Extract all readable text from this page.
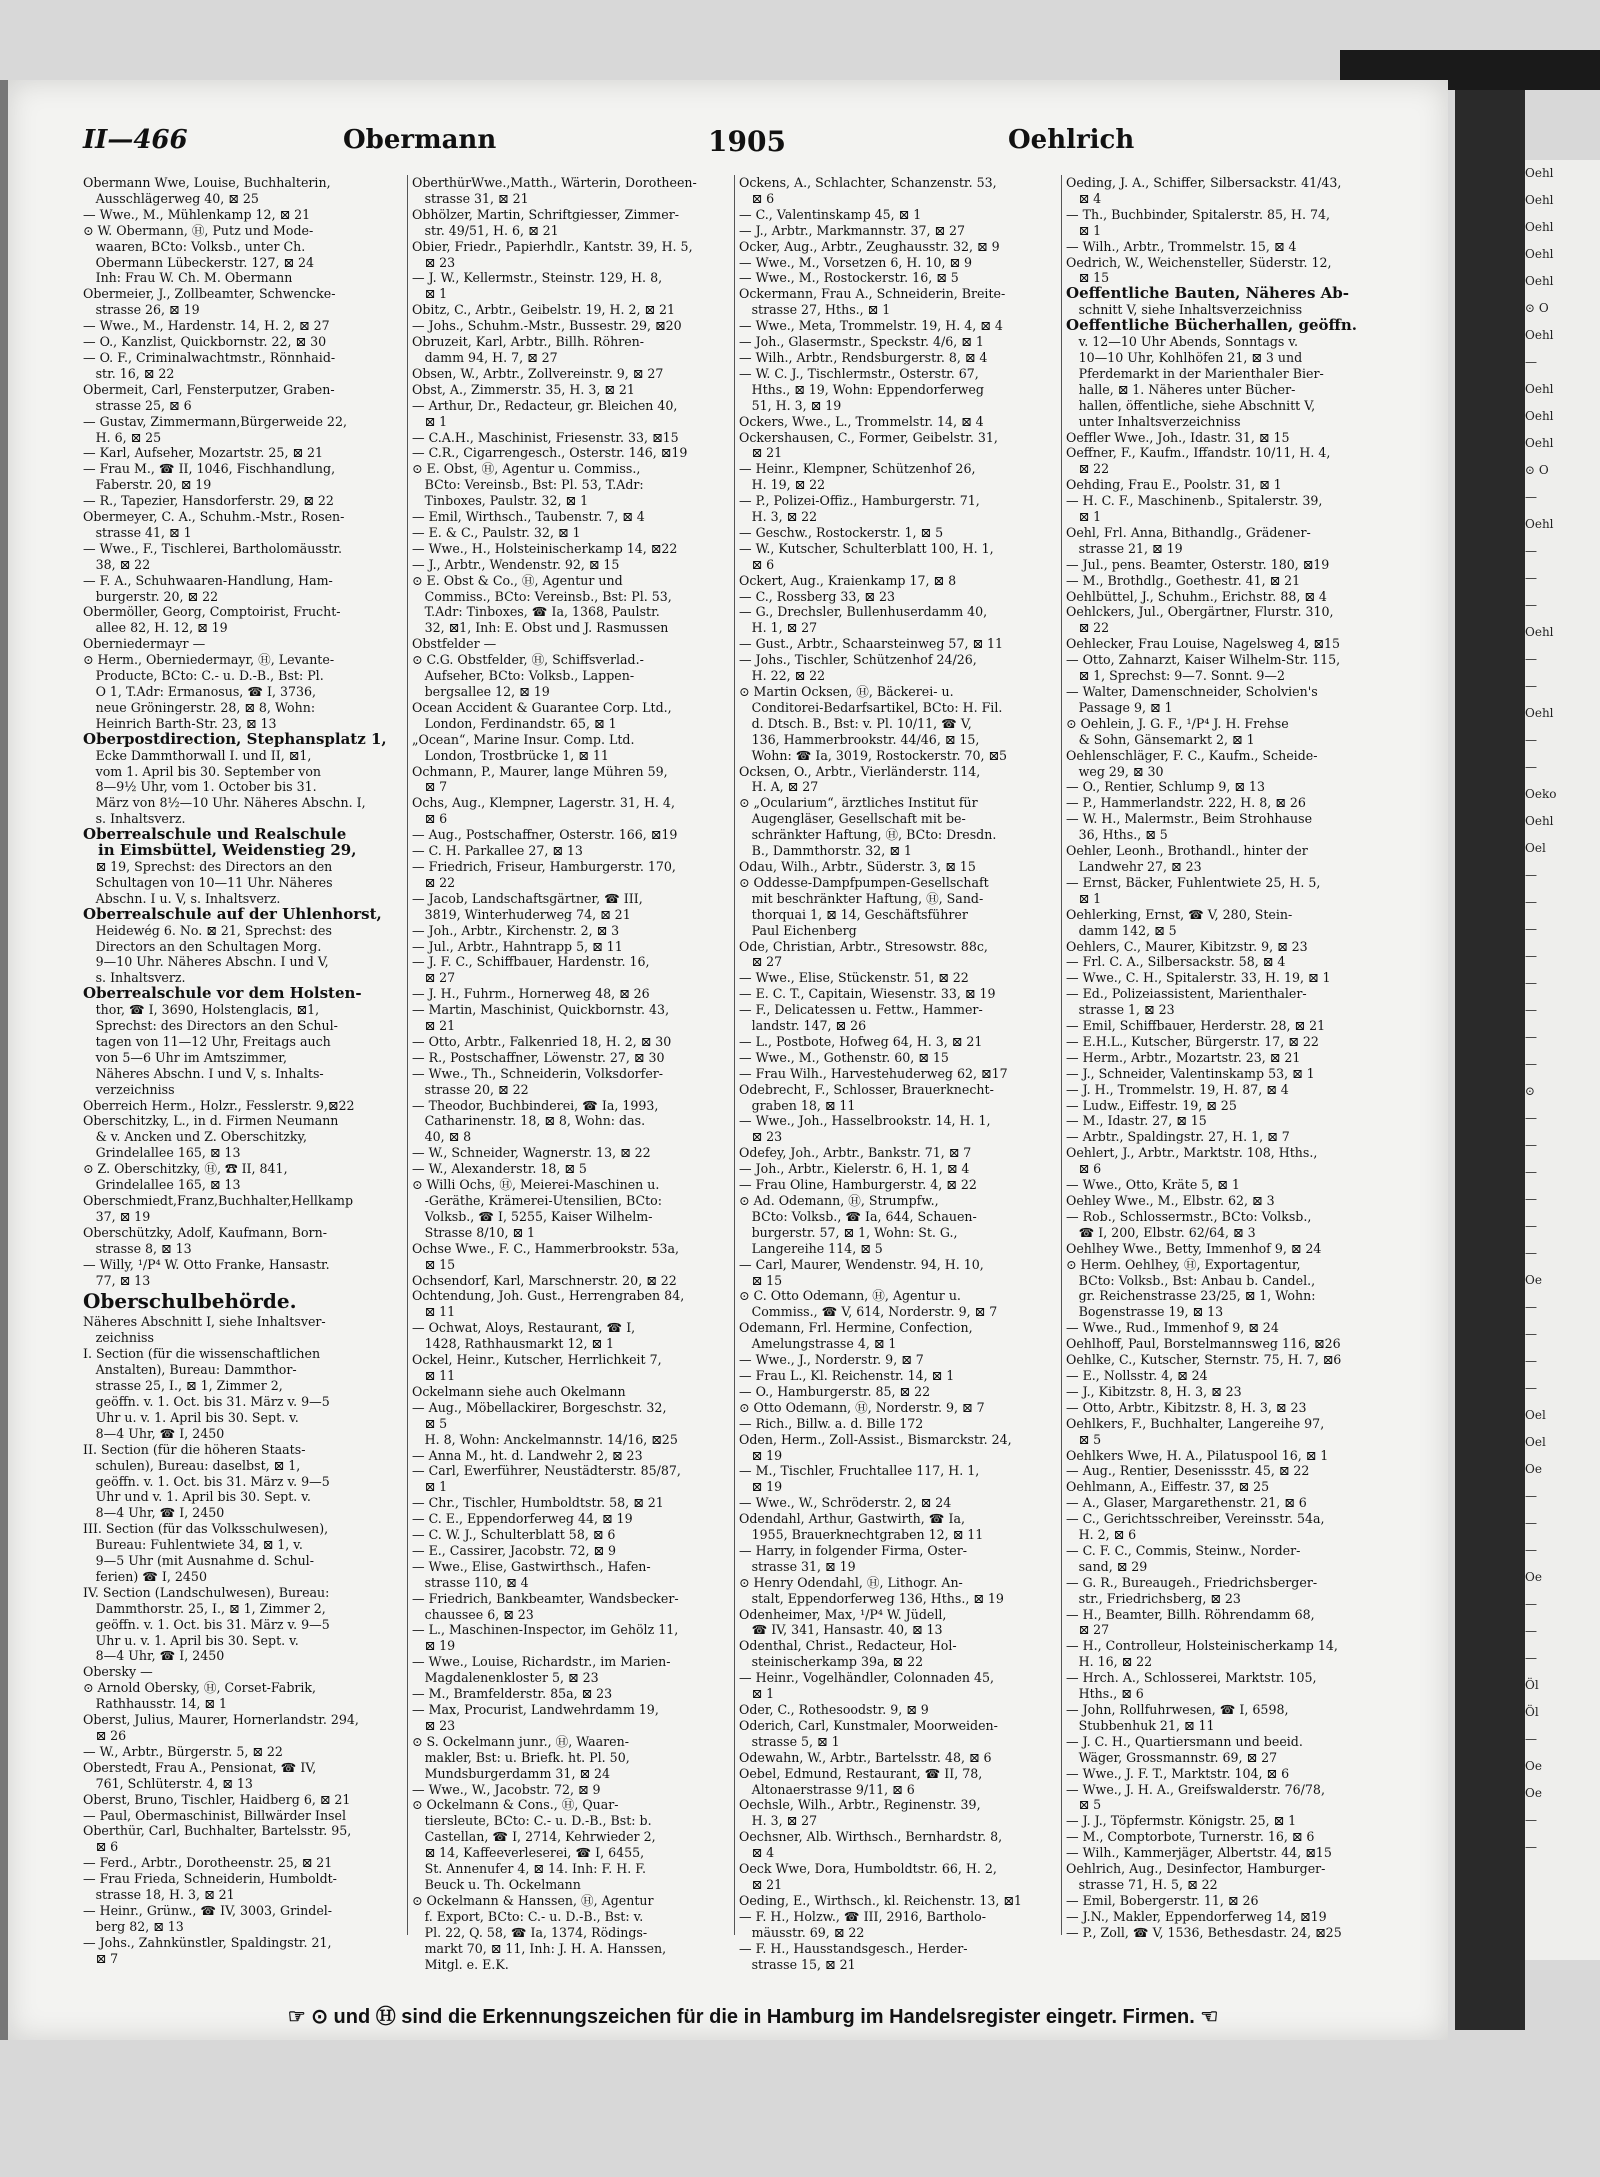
II—466	Obermann	1905	Oehlrich
Obermann Wwe, Louise, Buchhalterin,
 Ausschlägerweg 40, ⊠ 25
— Wwe., M., Mühlenkamp 12, ⊠ 21
⊙ W. Obermann, Ⓗ, Putz und Mode-
 waaren, BCto: Volksb., unter Ch.
 Obermann Lübeckerstr. 127, ⊠ 24
 Inh: Frau W. Ch. M. Obermann
Obermeier, J., Zollbeamter, Schwencke-
 strasse 26, ⊠ 19
— Wwe., M., Hardenstr. 14, H. 2, ⊠ 27
— O., Kanzlist, Quickbornstr. 22, ⊠ 30
— O. F., Criminalwachtmstr., Rönnhaid-
 str. 16, ⊠ 22
Obermeit, Carl, Fensterputzer, Graben-
 strasse 25, ⊠ 6
— Gustav, Zimmermann,Bürgerweide 22,
 H. 6, ⊠ 25
— Karl, Aufseher, Mozartstr. 25, ⊠ 21
— Frau M., ☎ II, 1046, Fischhandlung,
 Faberstr. 20, ⊠ 19
— R., Tapezier, Hansdorferstr. 29, ⊠ 22
Obermeyer, C. A., Schuhm.-Mstr., Rosen-
 strasse 41, ⊠ 1
— Wwe., F., Tischlerei, Bartholomäusstr.
 38, ⊠ 22
— F. A., Schuhwaaren-Handlung, Ham-
 burgerstr. 20, ⊠ 22
Obermöller, Georg, Comptoirist, Frucht-
 allee 82, H. 12, ⊠ 19
Oberniedermayr —
⊙ Herm., Oberniedermayr, Ⓗ, Levante-
 Producte, BCto: C.- u. D.-B., Bst: Pl.
 O 1, T.Adr: Ermanosus, ☎ I, 3736,
 neue Gröningerstr. 28, ⊠ 8, Wohn:
 Heinrich Barth-Str. 23, ⊠ 13
Oberpostdirection, Stephansplatz 1,
 Ecke Dammthorwall I. und II, ⊠1,
 vom 1. April bis 30. September von
 8—9½ Uhr, vom 1. October bis 31.
 März von 8½—10 Uhr. Näheres Abschn. I,
 s. Inhaltsverz.
Oberrealschule und Realschule
 in Eimsbüttel, Weidenstieg 29,
 ⊠ 19, Sprechst: des Directors an den
 Schultagen von 10—11 Uhr. Näheres
 Abschn. I u. V, s. Inhaltsverz.
Oberrealschule auf der Uhlenhorst,
 Heidewég 6. No. ⊠ 21, Sprechst: des
 Directors an den Schultagen Morg.
 9—10 Uhr. Näheres Abschn. I und V,
 s. Inhaltsverz.
Oberrealschule vor dem Holsten-
 thor, ☎ I, 3690, Holstenglacis, ⊠1,
 Sprechst: des Directors an den Schul-
 tagen von 11—12 Uhr, Freitags auch
 von 5—6 Uhr im Amtszimmer,
 Näheres Abschn. I und V, s. Inhalts-
 verzeichniss
Oberreich Herm., Holzr., Fesslerstr. 9,⊠22
Oberschitzky, L., in d. Firmen Neumann
 & v. Ancken und Z. Oberschitzky,
 Grindelallee 165, ⊠ 13
⊙ Z. Oberschitzky, Ⓗ, ☎ II, 841,
 Grindelallee 165, ⊠ 13
Oberschmiedt,Franz,Buchhalter,Hellkamp
 37, ⊠ 19
Oberschützky, Adolf, Kaufmann, Born-
 strasse 8, ⊠ 13
— Willy, ¹/P⁴ W. Otto Franke, Hansastr.
 77, ⊠ 13
Oberschulbehörde.
Näheres Abschnitt I, siehe Inhaltsver-
 zeichniss
I. Section (für die wissenschaftlichen
 Anstalten), Bureau: Dammthor-
 strasse 25, I., ⊠ 1, Zimmer 2,
 geöffn. v. 1. Oct. bis 31. März v. 9—5
 Uhr u. v. 1. April bis 30. Sept. v.
 8—4 Uhr, ☎ I, 2450
II. Section (für die höheren Staats-
 schulen), Bureau: daselbst, ⊠ 1,
 geöffn. v. 1. Oct. bis 31. März v. 9—5
 Uhr und v. 1. April bis 30. Sept. v.
 8—4 Uhr, ☎ I, 2450
III. Section (für das Volksschulwesen),
 Bureau: Fuhlentwiete 34, ⊠ 1, v.
 9—5 Uhr (mit Ausnahme d. Schul-
 ferien) ☎ I, 2450
IV. Section (Landschulwesen), Bureau:
 Dammthorstr. 25, I., ⊠ 1, Zimmer 2,
 geöffn. v. 1. Oct. bis 31. März v. 9—5
 Uhr u. v. 1. April bis 30. Sept. v.
 8—4 Uhr, ☎ I, 2450
Obersky —
⊙ Arnold Obersky, Ⓗ, Corset-Fabrik,
 Rathhausstr. 14, ⊠ 1
Oberst, Julius, Maurer, Hornerlandstr. 294,
 ⊠ 26
— W., Arbtr., Bürgerstr. 5, ⊠ 22
Oberstedt, Frau A., Pensionat, ☎ IV,
 761, Schlüterstr. 4, ⊠ 13
Oberst, Bruno, Tischler, Haidberg 6, ⊠ 21
— Paul, Obermaschinist, Billwärder Insel
Oberthür, Carl, Buchhalter, Bartelsstr. 95,
 ⊠ 6
— Ferd., Arbtr., Dorotheenstr. 25, ⊠ 21
— Frau Frieda, Schneiderin, Humboldt-
 strasse 18, H. 3, ⊠ 21
— Heinr., Grünw., ☎ IV, 3003, Grindel-
 berg 82, ⊠ 13
— Johs., Zahnkünstler, Spaldingstr. 21,
 ⊠ 7
OberthürWwe.,Matth., Wärterin, Dorotheen-
 strasse 31, ⊠ 21
Obhölzer, Martin, Schriftgiesser, Zimmer-
 str. 49/51, H. 6, ⊠ 21
Obier, Friedr., Papierhdlr., Kantstr. 39, H. 5,
 ⊠ 23
— J. W., Kellermstr., Steinstr. 129, H. 8,
 ⊠ 1
Obitz, C., Arbtr., Geibelstr. 19, H. 2, ⊠ 21
— Johs., Schuhm.-Mstr., Bussestr. 29, ⊠20
Obruzeit, Karl, Arbtr., Billh. Röhren-
 damm 94, H. 7, ⊠ 27
Obsen, W., Arbtr., Zollvereinstr. 9, ⊠ 27
Obst, A., Zimmerstr. 35, H. 3, ⊠ 21
— Arthur, Dr., Redacteur, gr. Bleichen 40,
 ⊠ 1
— C.A.H., Maschinist, Friesenstr. 33, ⊠15
— C.R., Cigarrengesch., Osterstr. 146, ⊠19
⊙ E. Obst, Ⓗ, Agentur u. Commiss.,
 BCto: Vereinsb., Bst: Pl. 53, T.Adr:
 Tinboxes, Paulstr. 32, ⊠ 1
— Emil, Wirthsch., Taubenstr. 7, ⊠ 4
— E. & C., Paulstr. 32, ⊠ 1
— Wwe., H., Holsteinischerkamp 14, ⊠22
— J., Arbtr., Wendenstr. 92, ⊠ 15
⊙ E. Obst & Co., Ⓗ, Agentur und
 Commiss., BCto: Vereinsb., Bst: Pl. 53,
 T.Adr: Tinboxes, ☎ Ia, 1368, Paulstr.
 32, ⊠1, Inh: E. Obst und J. Rasmussen
Obstfelder —
⊙ C.G. Obstfelder, Ⓗ, Schiffsverlad.-
 Aufseher, BCto: Volksb., Lappen-
 bergsallee 12, ⊠ 19
Ocean Accident & Guarantee Corp. Ltd.,
 London, Ferdinandstr. 65, ⊠ 1
„Ocean“, Marine Insur. Comp. Ltd.
 London, Trostbrücke 1, ⊠ 11
Ochmann, P., Maurer, lange Mühren 59,
 ⊠ 7
Ochs, Aug., Klempner, Lagerstr. 31, H. 4,
 ⊠ 6
— Aug., Postschaffner, Osterstr. 166, ⊠19
— C. H. Parkallee 27, ⊠ 13
— Friedrich, Friseur, Hamburgerstr. 170,
 ⊠ 22
— Jacob, Landschaftsgärtner, ☎ III,
 3819, Winterhuderweg 74, ⊠ 21
— Joh., Arbtr., Kirchenstr. 2, ⊠ 3
— Jul., Arbtr., Hahntrapp 5, ⊠ 11
— J. F. C., Schiffbauer, Hardenstr. 16,
 ⊠ 27
— J. H., Fuhrm., Hornerweg 48, ⊠ 26
— Martin, Maschinist, Quickbornstr. 43,
 ⊠ 21
— Otto, Arbtr., Falkenried 18, H. 2, ⊠ 30
— R., Postschaffner, Löwenstr. 27, ⊠ 30
— Wwe., Th., Schneiderin, Volksdorfer-
 strasse 20, ⊠ 22
— Theodor, Buchbinderei, ☎ Ia, 1993,
 Catharinenstr. 18, ⊠ 8, Wohn: das.
 40, ⊠ 8
— W., Schneider, Wagnerstr. 13, ⊠ 22
— W., Alexanderstr. 18, ⊠ 5
⊙ Willi Ochs, Ⓗ, Meierei-Maschinen u.
 -Geräthe, Krämerei-Utensilien, BCto:
 Volksb., ☎ I, 5255, Kaiser Wilhelm-
 Strasse 8/10, ⊠ 1
Ochse Wwe., F. C., Hammerbrookstr. 53a,
 ⊠ 15
Ochsendorf, Karl, Marschnerstr. 20, ⊠ 22
Ochtendung, Joh. Gust., Herrengraben 84,
 ⊠ 11
— Ochwat, Aloys, Restaurant, ☎ I,
 1428, Rathhausmarkt 12, ⊠ 1
Ockel, Heinr., Kutscher, Herrlichkeit 7,
 ⊠ 11
Ockelmann siehe auch Okelmann
— Aug., Möbellackirer, Borgeschstr. 32,
 ⊠ 5
 H. 8, Wohn: Anckelmannstr. 14/16, ⊠25
— Anna M., ht. d. Landwehr 2, ⊠ 23
— Carl, Ewerführer, Neustädterstr. 85/87,
 ⊠ 1
— Chr., Tischler, Humboldtstr. 58, ⊠ 21
— C. E., Eppendorferweg 44, ⊠ 19
— C. W. J., Schulterblatt 58, ⊠ 6
— E., Cassirer, Jacobstr. 72, ⊠ 9
— Wwe., Elise, Gastwirthsch., Hafen-
 strasse 110, ⊠ 4
— Friedrich, Bankbeamter, Wandsbecker-
 chaussee 6, ⊠ 23
— L., Maschinen-Inspector, im Gehölz 11,
 ⊠ 19
— Wwe., Louise, Richardstr., im Marien-
 Magdalenenkloster 5, ⊠ 23
— M., Bramfelderstr. 85a, ⊠ 23
— Max, Procurist, Landwehrdamm 19,
 ⊠ 23
⊙ S. Ockelmann junr., Ⓗ, Waaren-
 makler, Bst: u. Briefk. ht. Pl. 50,
 Mundsburgerdamm 31, ⊠ 24
— Wwe., W., Jacobstr. 72, ⊠ 9
⊙ Ockelmann & Cons., Ⓗ, Quar-
 tiersleute, BCto: C.- u. D.-B., Bst: b.
 Castellan, ☎ I, 2714, Kehrwieder 2,
 ⊠ 14, Kaffeeverleserei, ☎ I, 6455,
 St. Annenufer 4, ⊠ 14. Inh: F. H. F.
 Beuck u. Th. Ockelmann
⊙ Ockelmann & Hanssen, Ⓗ, Agentur
 f. Export, BCto: C.- u. D.-B., Bst: v.
 Pl. 22, Q. 58, ☎ Ia, 1374, Rödings-
 markt 70, ⊠ 11, Inh: J. H. A. Hanssen,
 Mitgl. e. E.K.
Ockens, A., Schlachter, Schanzenstr. 53,
 ⊠ 6
— C., Valentinskamp 45, ⊠ 1
— J., Arbtr., Markmannstr. 37, ⊠ 27
Ocker, Aug., Arbtr., Zeughausstr. 32, ⊠ 9
— Wwe., M., Vorsetzen 6, H. 10, ⊠ 9
— Wwe., M., Rostockerstr. 16, ⊠ 5
Ockermann, Frau A., Schneiderin, Breite-
 strasse 27, Hths., ⊠ 1
— Wwe., Meta, Trommelstr. 19, H. 4, ⊠ 4
— Joh., Glasermstr., Speckstr. 4/6, ⊠ 1
— Wilh., Arbtr., Rendsburgerstr. 8, ⊠ 4
— W. C. J., Tischlermstr., Osterstr. 67,
 Hths., ⊠ 19, Wohn: Eppendorferweg
 51, H. 3, ⊠ 19
Ockers, Wwe., L., Trommelstr. 14, ⊠ 4
Ockershausen, C., Former, Geibelstr. 31,
 ⊠ 21
— Heinr., Klempner, Schützenhof 26,
 H. 19, ⊠ 22
— P., Polizei-Offiz., Hamburgerstr. 71,
 H. 3, ⊠ 22
— Geschw., Rostockerstr. 1, ⊠ 5
— W., Kutscher, Schulterblatt 100, H. 1,
 ⊠ 6
Ockert, Aug., Kraienkamp 17, ⊠ 8
— C., Rossberg 33, ⊠ 23
— G., Drechsler, Bullenhuserdamm 40,
 H. 1, ⊠ 27
— Gust., Arbtr., Schaarsteinweg 57, ⊠ 11
— Johs., Tischler, Schützenhof 24/26,
 H. 22, ⊠ 22
⊙ Martin Ocksen, Ⓗ, Bäckerei- u.
 Conditorei-Bedarfsartikel, BCto: H. Fil.
 d. Dtsch. B., Bst: v. Pl. 10/11, ☎ V,
 136, Hammerbrookstr. 44/46, ⊠ 15,
 Wohn: ☎ Ia, 3019, Rostockerstr. 70, ⊠5
Ocksen, O., Arbtr., Vierländerstr. 114,
 H. A, ⊠ 27
⊙ „Ocularium“, ärztliches Institut für
 Augengläser, Gesellschaft mit be-
 schränkter Haftung, Ⓗ, BCto: Dresdn.
 B., Dammthorstr. 32, ⊠ 1
Odau, Wilh., Arbtr., Süderstr. 3, ⊠ 15
⊙ Oddesse-Dampfpumpen-Gesellschaft
 mit beschränkter Haftung, Ⓗ, Sand-
 thorquai 1, ⊠ 14, Geschäftsführer
 Paul Eichenberg
Ode, Christian, Arbtr., Stresowstr. 88c,
 ⊠ 27
— Wwe., Elise, Stückenstr. 51, ⊠ 22
— E. C. T., Capitain, Wiesenstr. 33, ⊠ 19
— F., Delicatessen u. Fettw., Hammer-
 landstr. 147, ⊠ 26
— L., Postbote, Hofweg 64, H. 3, ⊠ 21
— Wwe., M., Gothenstr. 60, ⊠ 15
— Frau Wilh., Harvestehuderweg 62, ⊠17
Odebrecht, F., Schlosser, Brauerknecht-
 graben 18, ⊠ 11
— Wwe., Joh., Hasselbrookstr. 14, H. 1,
 ⊠ 23
Odefey, Joh., Arbtr., Bankstr. 71, ⊠ 7
— Joh., Arbtr., Kielerstr. 6, H. 1, ⊠ 4
— Frau Oline, Hamburgerstr. 4, ⊠ 22
⊙ Ad. Odemann, Ⓗ, Strumpfw.,
 BCto: Volksb., ☎ Ia, 644, Schauen-
 burgerstr. 57, ⊠ 1, Wohn: St. G.,
 Langereihe 114, ⊠ 5
— Carl, Maurer, Wendenstr. 94, H. 10,
 ⊠ 15
⊙ C. Otto Odemann, Ⓗ, Agentur u.
 Commiss., ☎ V, 614, Norderstr. 9, ⊠ 7
Odemann, Frl. Hermine, Confection,
 Amelungstrasse 4, ⊠ 1
— Wwe., J., Norderstr. 9, ⊠ 7
— Frau L., Kl. Reichenstr. 14, ⊠ 1
— O., Hamburgerstr. 85, ⊠ 22
⊙ Otto Odemann, Ⓗ, Norderstr. 9, ⊠ 7
— Rich., Billw. a. d. Bille 172
Oden, Herm., Zoll-Assist., Bismarckstr. 24,
 ⊠ 19
— M., Tischler, Fruchtallee 117, H. 1,
 ⊠ 19
— Wwe., W., Schröderstr. 2, ⊠ 24
Odendahl, Arthur, Gastwirth, ☎ Ia,
 1955, Brauerknechtgraben 12, ⊠ 11
— Harry, in folgender Firma, Oster-
 strasse 31, ⊠ 19
⊙ Henry Odendahl, Ⓗ, Lithogr. An-
 stalt, Eppendorferweg 136, Hths., ⊠ 19
Odenheimer, Max, ¹/P⁴ W. Jüdell,
 ☎ IV, 341, Hansastr. 40, ⊠ 13
Odenthal, Christ., Redacteur, Hol-
 steinischerkamp 39a, ⊠ 22
— Heinr., Vogelhändler, Colonnaden 45,
 ⊠ 1
Oder, C., Rothesoodstr. 9, ⊠ 9
Oderich, Carl, Kunstmaler, Moorweiden-
 strasse 5, ⊠ 1
Odewahn, W., Arbtr., Bartelsstr. 48, ⊠ 6
Oebel, Edmund, Restaurant, ☎ II, 78,
 Altonaerstrasse 9/11, ⊠ 6
Oechsle, Wilh., Arbtr., Reginenstr. 39,
 H. 3, ⊠ 27
Oechsner, Alb. Wirthsch., Bernhardstr. 8,
 ⊠ 4
Oeck Wwe, Dora, Humboldtstr. 66, H. 2,
 ⊠ 21
Oeding, E., Wirthsch., kl. Reichenstr. 13, ⊠1
— F. H., Holzw., ☎ III, 2916, Bartholo-
 mäusstr. 69, ⊠ 22
— F. H., Hausstandsgesch., Herder-
 strasse 15, ⊠ 21
Oeding, J. A., Schiffer, Silbersackstr. 41/43,
 ⊠ 4
— Th., Buchbinder, Spitalerstr. 85, H. 74,
 ⊠ 1
— Wilh., Arbtr., Trommelstr. 15, ⊠ 4
Oedrich, W., Weichensteller, Süderstr. 12,
 ⊠ 15
Oeffentliche Bauten, Näheres Ab-
 schnitt V, siehe Inhaltsverzeichniss
Oeffentliche Bücherhallen, geöffn.
 v. 12—10 Uhr Abends, Sonntags v.
 10—10 Uhr, Kohlhöfen 21, ⊠ 3 und
 Pferdemarkt in der Marienthaler Bier-
 halle, ⊠ 1. Näheres unter Bücher-
 hallen, öffentliche, siehe Abschnitt V,
 unter Inhaltsverzeichniss
Oeffler Wwe., Joh., Idastr. 31, ⊠ 15
Oeffner, F., Kaufm., Iffandstr. 10/11, H. 4,
 ⊠ 22
Oehding, Frau E., Poolstr. 31, ⊠ 1
— H. C. F., Maschinenb., Spitalerstr. 39,
 ⊠ 1
Oehl, Frl. Anna, Bithandlg., Grädener-
 strasse 21, ⊠ 19
— Jul., pens. Beamter, Osterstr. 180, ⊠19
— M., Brothdlg., Goethestr. 41, ⊠ 21
Oehlbüttel, J., Schuhm., Erichstr. 88, ⊠ 4
Oehlckers, Jul., Obergärtner, Flurstr. 310,
 ⊠ 22
Oehlecker, Frau Louise, Nagelsweg 4, ⊠15
— Otto, Zahnarzt, Kaiser Wilhelm-Str. 115,
 ⊠ 1, Sprechst: 9—7. Sonnt. 9—2
— Walter, Damenschneider, Scholvien's
 Passage 9, ⊠ 1
⊙ Oehlein, J. G. F., ¹/P⁴ J. H. Frehse
 & Sohn, Gänsemarkt 2, ⊠ 1
Oehlenschläger, F. C., Kaufm., Scheide-
 weg 29, ⊠ 30
— O., Rentier, Schlump 9, ⊠ 13
— P., Hammerlandstr. 222, H. 8, ⊠ 26
— W. H., Malermstr., Beim Strohhause
 36, Hths., ⊠ 5
Oehler, Leonh., Brothandl., hinter der
 Landwehr 27, ⊠ 23
— Ernst, Bäcker, Fuhlentwiete 25, H. 5,
 ⊠ 1
Oehlerking, Ernst, ☎ V, 280, Stein-
 damm 142, ⊠ 5
Oehlers, C., Maurer, Kibitzstr. 9, ⊠ 23
— Frl. C. A., Silbersackstr. 58, ⊠ 4
— Wwe., C. H., Spitalerstr. 33, H. 19, ⊠ 1
— Ed., Polizeiassistent, Marienthaler-
 strasse 1, ⊠ 23
— Emil, Schiffbauer, Herderstr. 28, ⊠ 21
— E.H.L., Kutscher, Bürgerstr. 17, ⊠ 22
— Herm., Arbtr., Mozartstr. 23, ⊠ 21
— J., Schneider, Valentinskamp 53, ⊠ 1
— J. H., Trommelstr. 19, H. 87, ⊠ 4
— Ludw., Eiffestr. 19, ⊠ 25
— M., Idastr. 27, ⊠ 15
— Arbtr., Spaldingstr. 27, H. 1, ⊠ 7
Oehlert, J., Arbtr., Marktstr. 108, Hths.,
 ⊠ 6
— Wwe., Otto, Kräte 5, ⊠ 1
Oehley Wwe., M., Elbstr. 62, ⊠ 3
— Rob., Schlossermstr., BCto: Volksb.,
 ☎ I, 200, Elbstr. 62/64, ⊠ 3
Oehlhey Wwe., Betty, Immenhof 9, ⊠ 24
⊙ Herm. Oehlhey, Ⓗ, Exportagentur,
 BCto: Volksb., Bst: Anbau b. Candel.,
 gr. Reichenstrasse 23/25, ⊠ 1, Wohn:
 Bogenstrasse 19, ⊠ 13
— Wwe., Rud., Immenhof 9, ⊠ 24
Oehlhoff, Paul, Borstelmannsweg 116, ⊠26
Oehlke, C., Kutscher, Sternstr. 75, H. 7, ⊠6
— E., Nollsstr. 4, ⊠ 24
— J., Kibitzstr. 8, H. 3, ⊠ 23
— Otto, Arbtr., Kibitzstr. 8, H. 3, ⊠ 23
Oehlkers, F., Buchhalter, Langereihe 97,
 ⊠ 5
Oehlkers Wwe, H. A., Pilatuspool 16, ⊠ 1
— Aug., Rentier, Desenissstr. 45, ⊠ 22
Oehlmann, A., Eiffestr. 37, ⊠ 25
— A., Glaser, Margarethenstr. 21, ⊠ 6
— C., Gerichtsschreiber, Vereinsstr. 54a,
 H. 2, ⊠ 6
— C. F. C., Commis, Steinw., Norder-
 sand, ⊠ 29
— G. R., Bureaugeh., Friedrichsberger-
 str., Friedrichsberg, ⊠ 23
— H., Beamter, Billh. Röhrendamm 68,
 ⊠ 27
— H., Controlleur, Holsteinischerkamp 14,
 H. 16, ⊠ 22
— Hrch. A., Schlosserei, Marktstr. 105,
 Hths., ⊠ 6
— John, Rollfuhrwesen, ☎ I, 6598,
 Stubbenhuk 21, ⊠ 11
— J. C. H., Quartiersmann und beeid.
 Wäger, Grossmannstr. 69, ⊠ 27
— Wwe., J. F. T., Marktstr. 104, ⊠ 6
— Wwe., J. H. A., Greifswalderstr. 76/78,
 ⊠ 5
— J. J., Töpfermstr. Königstr. 25, ⊠ 1
— M., Comptorbote, Turnerstr. 16, ⊠ 6
— Wilh., Kammerjäger, Albertstr. 44, ⊠15
Oehlrich, Aug., Desinfector, Hamburger-
 strasse 71, H. 5, ⊠ 22
— Emil, Bobergerstr. 11, ⊠ 26
— J.N., Makler, Eppendorferweg 14, ⊠19
— P., Zoll, ☎ V, 1536, Bethesdastr. 24, ⊠25
☞ ⊙ und Ⓗ sind die Erkennungszeichen für die in Hamburg im Handelsregister eingetr. Firmen. ☜
Oehl
Oehl
Oehl
Oehl
Oehl
⊙ O
Oehl
—
Oehl
Oehl
Oehl
⊙ O
—
Oehl
—
—
—
Oehl
—
—
Oehl
—
—
Oeko
Oehl
Oel
—
—
—
—
—
—
—
—
⊙
—
—
—
—
—
—
Oe
—
—
—
—
Oel
Oel
Oe
—
—
—
Oe
—
—
—
Öl
Öl
—
Oe
Oe
—
—
